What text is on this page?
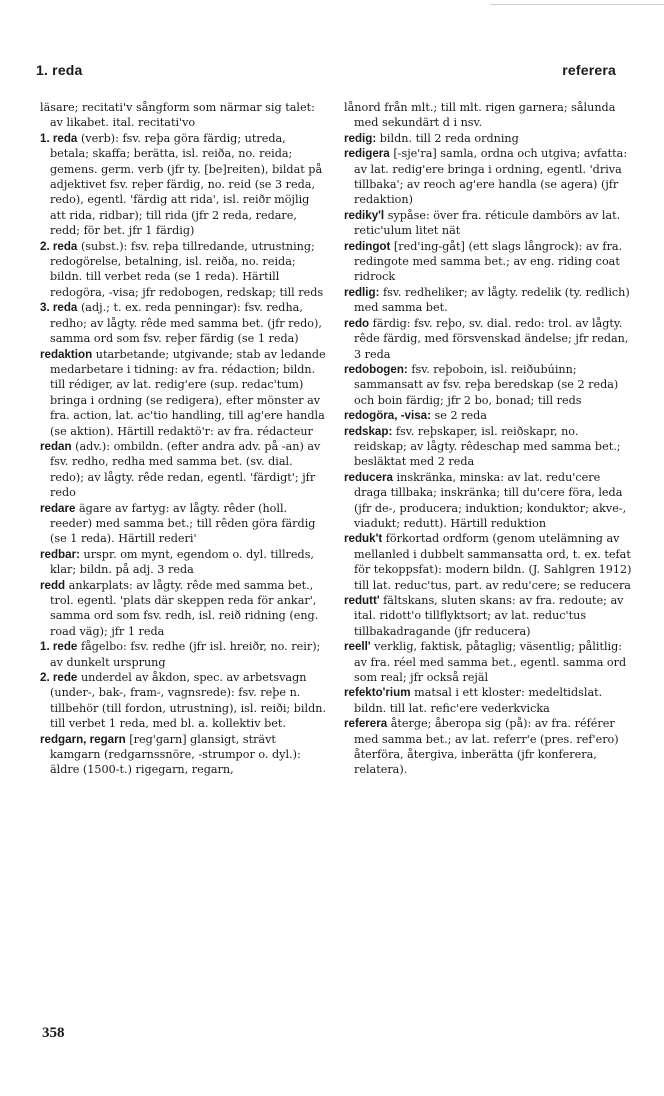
1. reda	referera

läsare; recitati'v sångform som närmar sig talet: av likabet. ital. recitati'vo

1. reda (verb): fsv. reþa göra färdig; utreda, betala; skaffa; berätta, isl. reiða, no. reida; gemens. germ. verb (jfr ty. [be]reiten), bildat på adjektivet fsv. reþer färdig, no. reid (se 3 reda, redo), egentl. 'färdig att rida', isl. reiðr möjlig att rida, ridbar); till rida (jfr 2 reda, redare, redd; för bet. jfr 1 färdig)

2. reda (subst.): fsv. reþa tillredande, utrustning; redogörelse, betalning, isl. reiða, no. reida; bildn. till verbet reda (se 1 reda). Härtill redogöra, -visa; jfr redobogen, redskap; till reds

3. reda (adj.; t. ex. reda penningar): fsv. redha, redho; av lågty. rêde med samma bet. (jfr redo), samma ord som fsv. reþer färdig (se 1 reda)

redaktion utarbetande; utgivande; stab av ledande medarbetare i tidning: av fra. rédaction; bildn. till rédiger, av lat. redig'ere (sup. redac'tum) bringa i ordning (se redigera), efter mönster av fra. action, lat. ac'tio handling, till ag'ere handla (se aktion). Härtill redaktö'r: av fra. rédacteur

redan (adv.): ombildn. (efter andra adv. på -an) av fsv. redho, redha med samma bet. (sv. dial. redo); av lågty. rêde redan, egentl. 'färdigt'; jfr redo

redare ägare av fartyg: av lågty. rêder (holl. reeder) med samma bet.; till rêden göra färdig (se 1 reda). Härtill rederi'

redbar: urspr. om mynt, egendom o. dyl. tillreds, klar; bildn. på adj. 3 reda

redd ankarplats: av lågty. rêde med samma bet., trol. egentl. 'plats där skeppen reda för ankar', samma ord som fsv. redh, isl. reið ridning (eng. road väg); jfr 1 reda

1. rede fågelbo: fsv. redhe (jfr isl. hreiðr, no. reir); av dunkelt ursprung

2. rede underdel av åkdon, spec. av arbetsvagn (under-, bak-, fram-, vagnsrede): fsv. reþe n. tillbehör (till fordon, utrustning), isl. reiði; bildn. till verbet 1 reda, med bl. a. kollektiv bet.

redgarn, regarn [reg'garn] glansigt, strävt kamgarn (redgarnssnöre, -strumpor o. dyl.): äldre (1500-t.) rigegarn, regarn,

lånord från mlt.; till mlt. rigen garnera; sålunda med sekundärt d i nsv.

redig: bildn. till 2 reda ordning

redigera [-sje'ra] samla, ordna och utgiva; avfatta: av lat. redig'ere bringa i ordning, egentl. 'driva tillbaka'; av reoch ag'ere handla (se agera) (jfr redaktion)

rediky'l sypåse: över fra. réticule dambörs av lat. retic'ulum litet nät

redingot [red'ing-gåt] (ett slags långrock): av fra. redingote med samma bet.; av eng. riding coat ridrock

redlig: fsv. redheliker; av lågty. redelik (ty. redlich) med samma bet.

redo färdig: fsv. reþo, sv. dial. redo: trol. av lågty. rêde färdig, med försvenskad ändelse; jfr redan, 3 reda

redobogen: fsv. reþoboin, isl. reiðubúinn; sammansatt av fsv. reþa beredskap (se 2 reda) och boin färdig; jfr 2 bo, bonad; till reds

redogöra, -visa: se 2 reda

redskap: fsv. reþskaper, isl. reiðskapr, no. reidskap; av lågty. rêdeschap med samma bet.; besläktat med 2 reda

reducera inskränka, minska: av lat. redu'cere draga tillbaka; inskränka; till du'cere föra, leda (jfr de-, producera; induktion; konduktor; akve-, viadukt; redutt). Härtill reduktion

reduk't förkortad ordform (genom utelämning av mellanled i dubbelt sammansatta ord, t. ex. tefat för tekoppsfat): modern bildn. (J. Sahlgren 1912) till lat. reduc'tus, part. av redu'cere; se reducera

redutt' fältskans, sluten skans: av fra. redoute; av ital. ridott'o tillflyktsort; av lat. reduc'tus tillbakadragande (jfr reducera)

reell' verklig, faktisk, påtaglig; väsentlig; pålitlig: av fra. réel med samma bet., egentl. samma ord som real; jfr också rejäl

refekto'rium matsal i ett kloster: medeltidslat. bildn. till lat. refic'ere vederkvicka

referera återge; åberopa sig (på): av fra. référer med samma bet.; av lat. referr'e (pres. ref'ero) återföra, återgiva, inberätta (jfr konferera, relatera).

358
